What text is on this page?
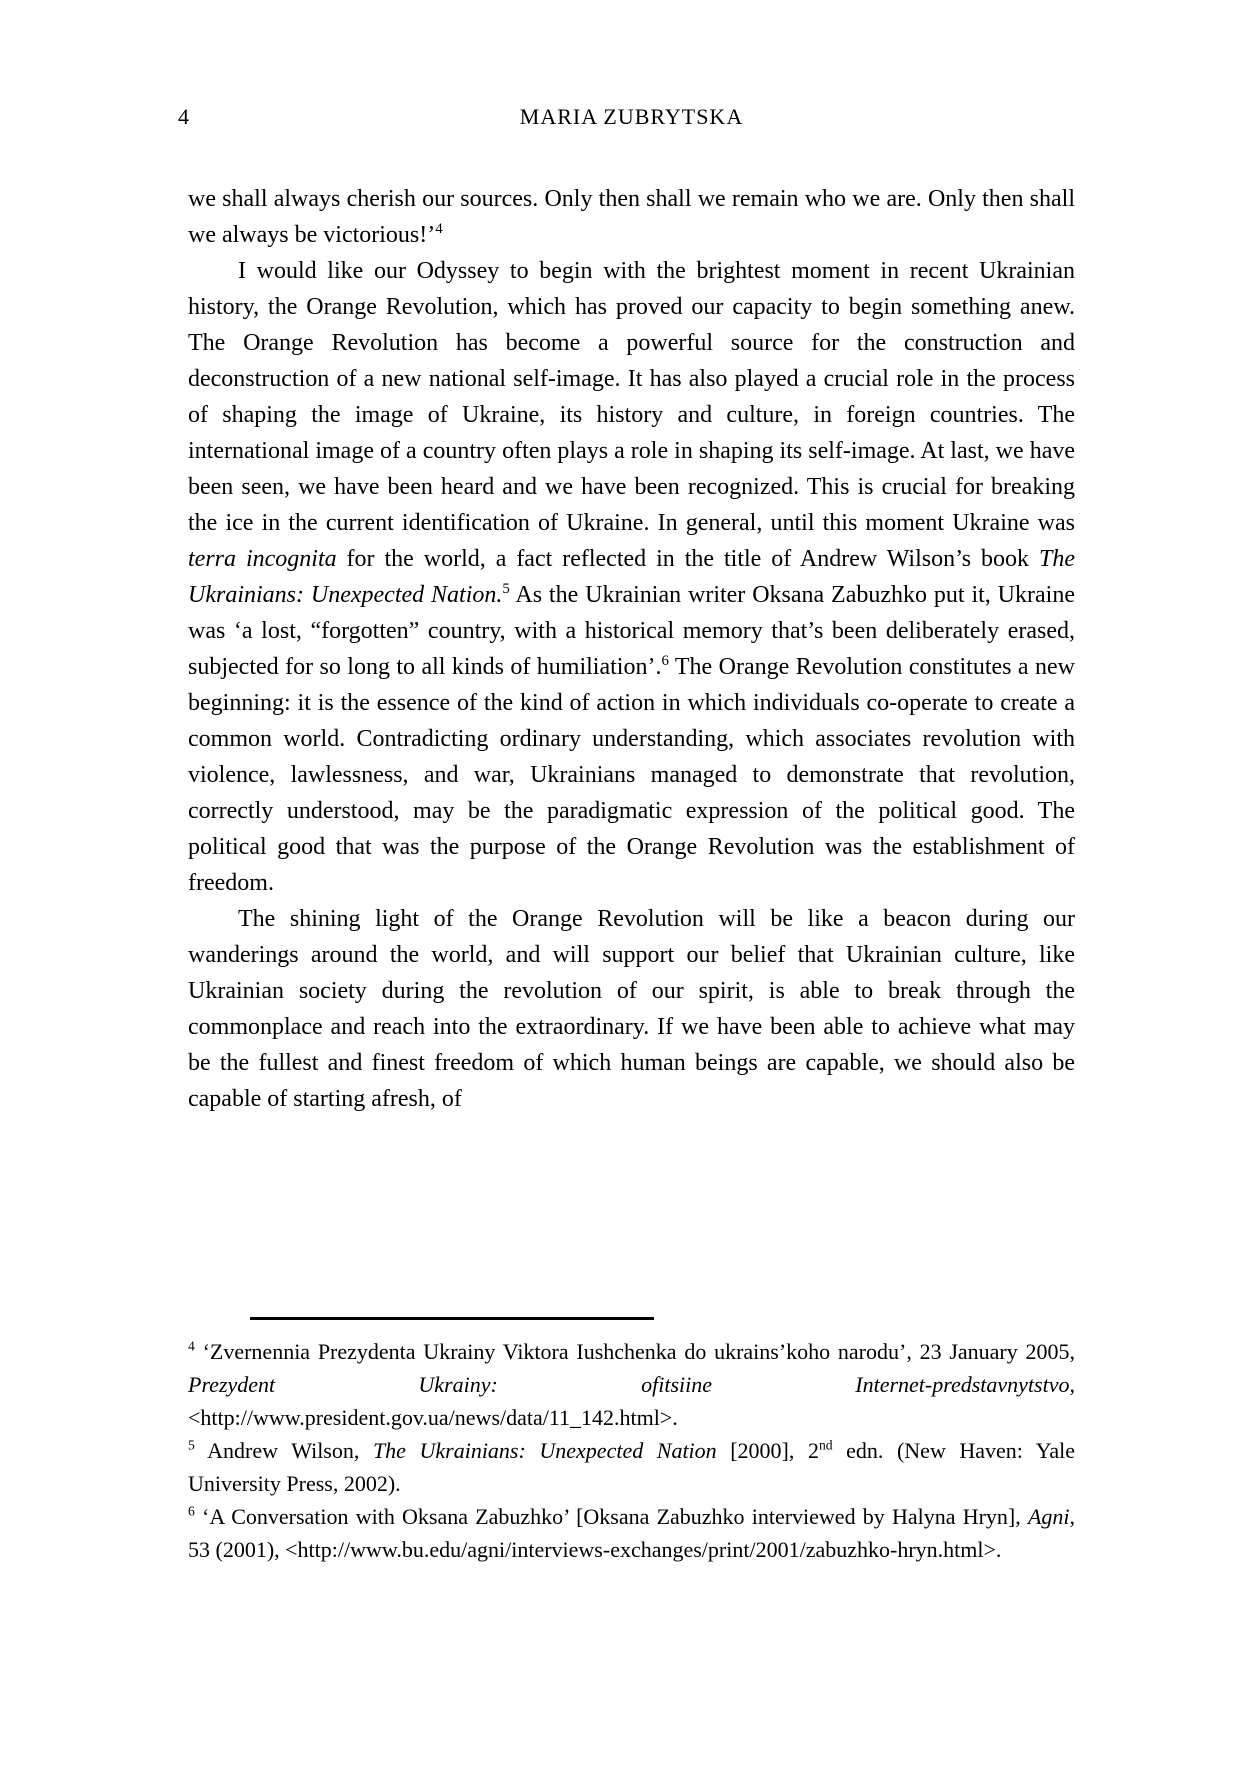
4	MARIA ZUBRYTSKA

we shall always cherish our sources. Only then shall we remain who we are. Only then shall we always be victorious!’$^4$

I would like our Odyssey to begin with the brightest moment in recent Ukrainian history, the Orange Revolution, which has proved our capacity to begin something anew. The Orange Revolution has become a powerful source for the construction and deconstruction of a new national self-image. It has also played a crucial role in the process of shaping the image of Ukraine, its history and culture, in foreign countries. The international image of a country often plays a role in shaping its self-image. At last, we have been seen, we have been heard and we have been recognized. This is crucial for breaking the ice in the current identification of Ukraine. In general, until this moment Ukraine was terra incognita for the world, a fact reflected in the title of Andrew Wilson’s book The Ukrainians: Unexpected Nation.$^5$ As the Ukrainian writer Oksana Zabuzhko put it, Ukraine was ‘a lost, “forgotten” country, with a historical memory that’s been deliberately erased, subjected for so long to all kinds of humiliation’.$^6$ The Orange Revolution constitutes a new beginning: it is the essence of the kind of action in which individuals co-operate to create a common world. Contradicting ordinary understanding, which associates revolution with violence, lawlessness, and war, Ukrainians managed to demonstrate that revolution, correctly understood, may be the paradigmatic expression of the political good. The political good that was the purpose of the Orange Revolution was the establishment of freedom.

The shining light of the Orange Revolution will be like a beacon during our wanderings around the world, and will support our belief that Ukrainian culture, like Ukrainian society during the revolution of our spirit, is able to break through the commonplace and reach into the extraordinary. If we have been able to achieve what may be the fullest and finest freedom of which human beings are capable, we should also be capable of starting afresh, of

$^4$ ‘Zvernennia Prezydenta Ukrainy Viktora Iushchenka do ukrains’koho narodu’, 23 January 2005, Prezydent Ukrainy: ofitsiine Internet-predstavnytstvo, <http://www.president.gov.ua/news/data/11_142.html>.

$^5$ Andrew Wilson, The Ukrainians: Unexpected Nation [2000], 2nd edn. (New Haven: Yale University Press, 2002).

$^6$ ‘A Conversation with Oksana Zabuzhko’ [Oksana Zabuzhko interviewed by Halyna Hryn], Agni, 53 (2001), <http://www.bu.edu/agni/interviews-exchanges/print/2001/zabuzhko-hryn.html>.
